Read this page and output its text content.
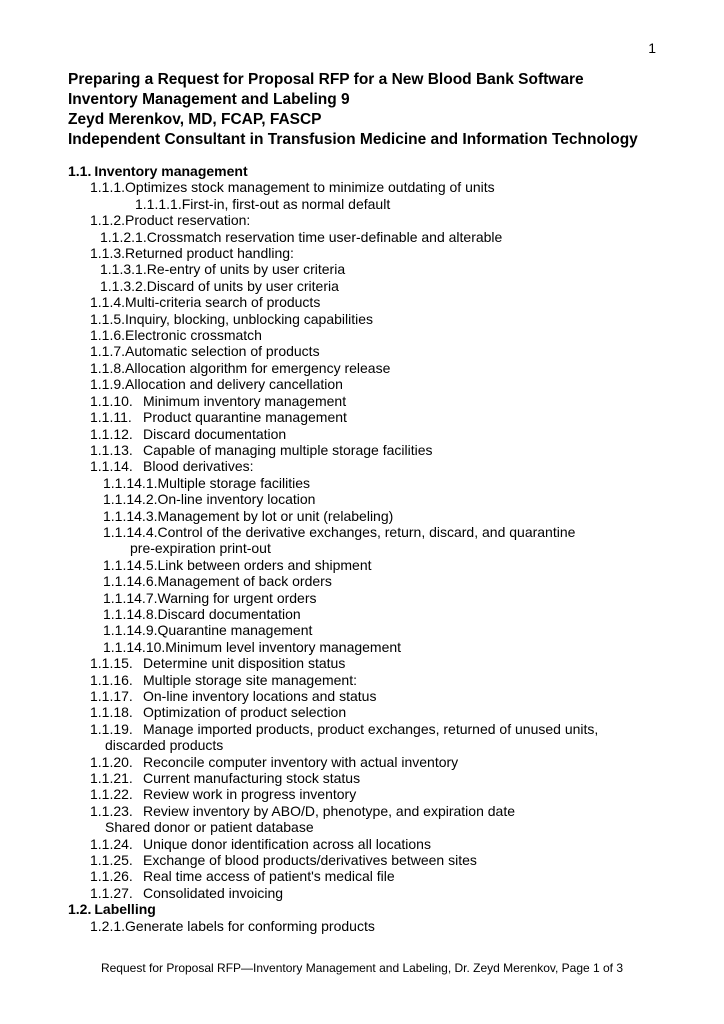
1
Preparing a Request for Proposal RFP for a New Blood Bank Software
Inventory Management and Labeling 9
Zeyd Merenkov, MD, FCAP, FASCP
Independent Consultant in Transfusion Medicine and Information Technology
1.1. Inventory management
1.1.1.Optimizes stock management to minimize outdating of units
1.1.1.1.First-in, first-out as normal default
1.1.2.Product reservation:
1.1.2.1.Crossmatch reservation time user-definable and alterable
1.1.3.Returned product handling:
1.1.3.1.Re-entry of units by user criteria
1.1.3.2.Discard of units by user criteria
1.1.4.Multi-criteria search of products
1.1.5.Inquiry, blocking, unblocking capabilities
1.1.6.Electronic crossmatch
1.1.7.Automatic selection of products
1.1.8.Allocation algorithm for emergency release
1.1.9.Allocation and delivery cancellation
1.1.10. Minimum inventory management
1.1.11. Product quarantine management
1.1.12. Discard documentation
1.1.13. Capable of managing multiple storage facilities
1.1.14. Blood derivatives:
1.1.14.1.Multiple storage facilities
1.1.14.2.On-line inventory location
1.1.14.3.Management by lot or unit (relabeling)
1.1.14.4.Control of the derivative exchanges, return, discard, and quarantine
pre-expiration print-out
1.1.14.5.Link between orders and shipment
1.1.14.6.Management of back orders
1.1.14.7.Warning for urgent orders
1.1.14.8.Discard documentation
1.1.14.9.Quarantine management
1.1.14.10.Minimum level inventory management
1.1.15. Determine unit disposition status
1.1.16. Multiple storage site management:
1.1.17. On-line inventory locations and status
1.1.18. Optimization of product selection
1.1.19. Manage imported products, product exchanges, returned of unused units,
discarded products
1.1.20. Reconcile computer inventory with actual inventory
1.1.21. Current manufacturing stock status
1.1.22. Review work in progress inventory
1.1.23. Review inventory by ABO/D, phenotype, and expiration date
Shared donor or patient database
1.1.24. Unique donor identification across all locations
1.1.25. Exchange of blood products/derivatives between sites
1.1.26. Real time access of patient's medical file
1.1.27. Consolidated invoicing
1.2. Labelling
1.2.1.Generate labels for conforming products
Request for Proposal RFP—Inventory Management and Labeling, Dr. Zeyd Merenkov, Page 1 of 3
